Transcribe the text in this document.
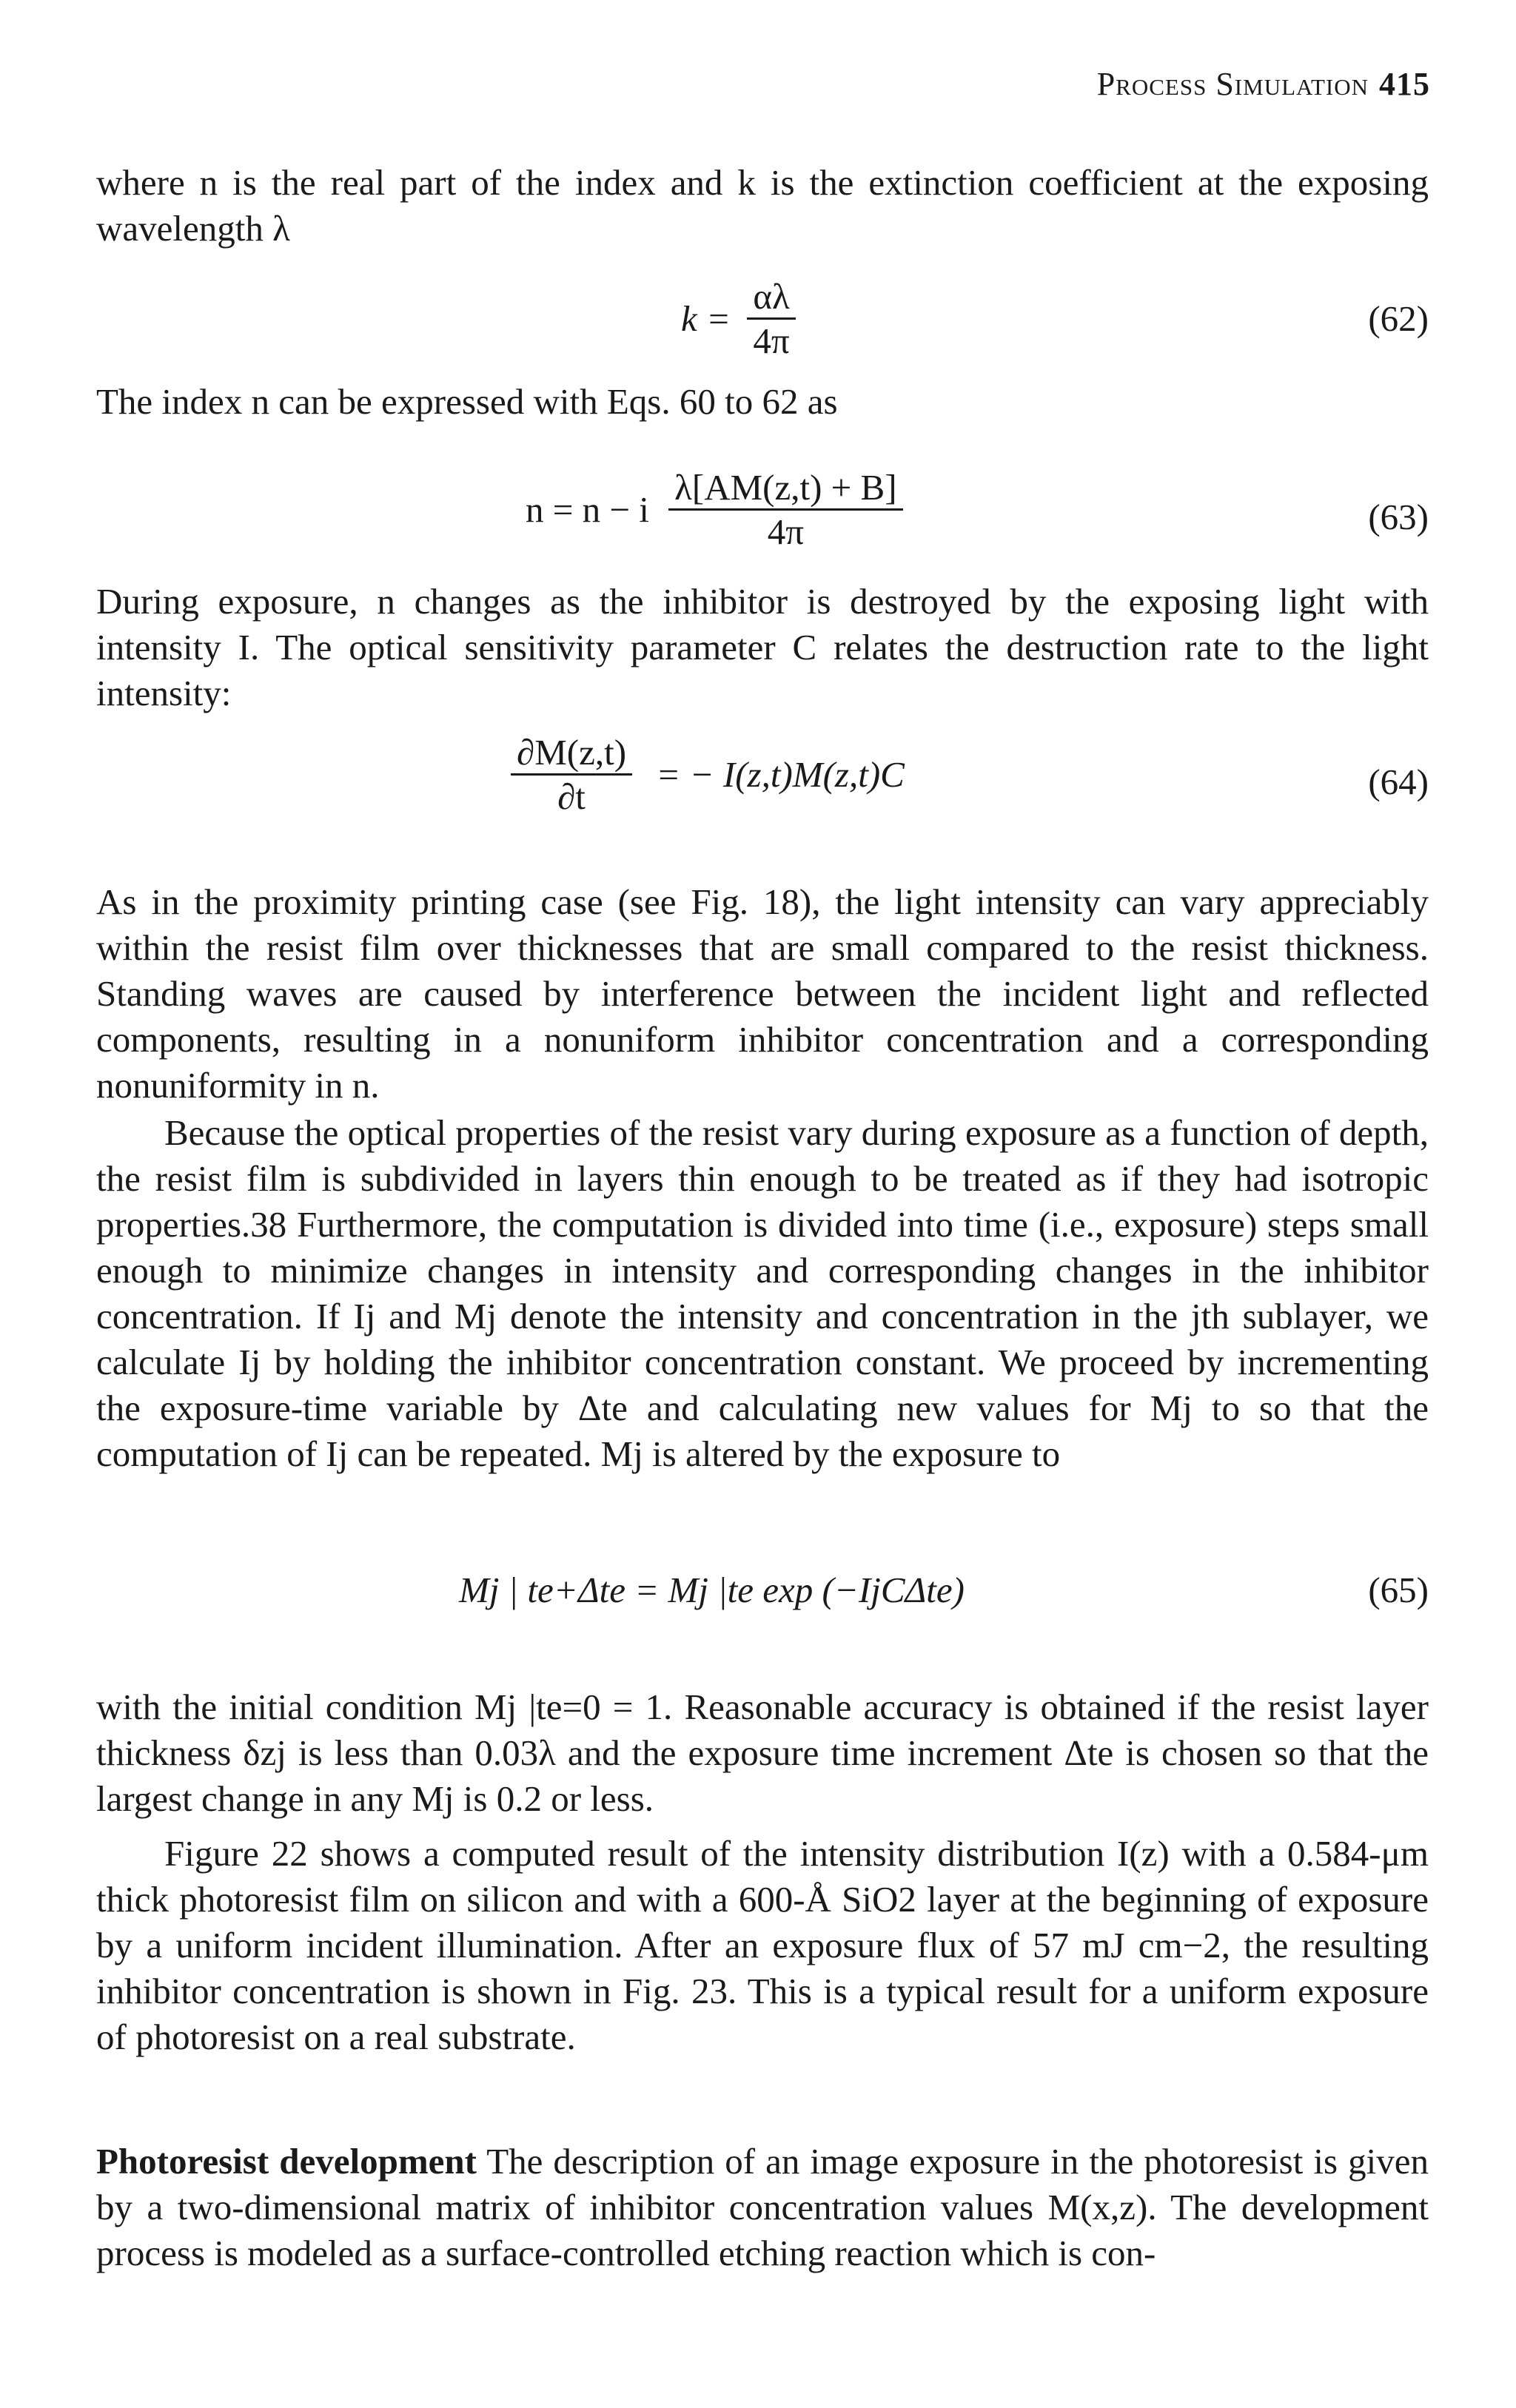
Process Simulation 415
where n is the real part of the index and k is the extinction coefficient at the exposing wavelength λ
$k = \frac{\alpha\lambda}{4\pi}$	(62)
The index n can be expressed with Eqs. 60 to 62 as
n = n − i $\frac{\lambda[AM(z,t) + B]}{4\pi}$	(63)
During exposure, n changes as the inhibitor is destroyed by the exposing light with intensity I. The optical sensitivity parameter C relates the destruction rate to the light intensity:
$\frac{\partial M(z,t)}{\partial t}$ = − I(z,t)M(z,t)C	(64)
As in the proximity printing case (see Fig. 18), the light intensity can vary appreciably within the resist film over thicknesses that are small compared to the resist thickness. Standing waves are caused by interference between the incident light and reflected components, resulting in a nonuniform inhibitor concentration and a corresponding nonuniformity in n.
Because the optical properties of the resist vary during exposure as a function of depth, the resist film is subdivided in layers thin enough to be treated as if they had isotropic properties.38 Furthermore, the computation is divided into time (i.e., exposure) steps small enough to minimize changes in intensity and corresponding changes in the inhibitor concentration. If Ij and Mj denote the intensity and concentration in the jth sublayer, we calculate Ij by holding the inhibitor concentration constant. We proceed by incrementing the exposure-time variable by Δte and calculating new values for Mj to so that the computation of Ij can be repeated. Mj is altered by the exposure to
Mj | te+Δte = Mj |te exp (−IjCΔte)	(65)
with the initial condition Mj |te=0 = 1. Reasonable accuracy is obtained if the resist layer thickness δzj is less than 0.03λ and the exposure time increment Δte is chosen so that the largest change in any Mj is 0.2 or less.
Figure 22 shows a computed result of the intensity distribution I(z) with a 0.584-μm thick photoresist film on silicon and with a 600-Å SiO2 layer at the beginning of exposure by a uniform incident illumination. After an exposure flux of 57 mJ cm−2, the resulting inhibitor concentration is shown in Fig. 23. This is a typical result for a uniform exposure of photoresist on a real substrate.
Photoresist development The description of an image exposure in the photoresist is given by a two-dimensional matrix of inhibitor concentration values M(x,z). The development process is modeled as a surface-controlled etching reaction which is con-
